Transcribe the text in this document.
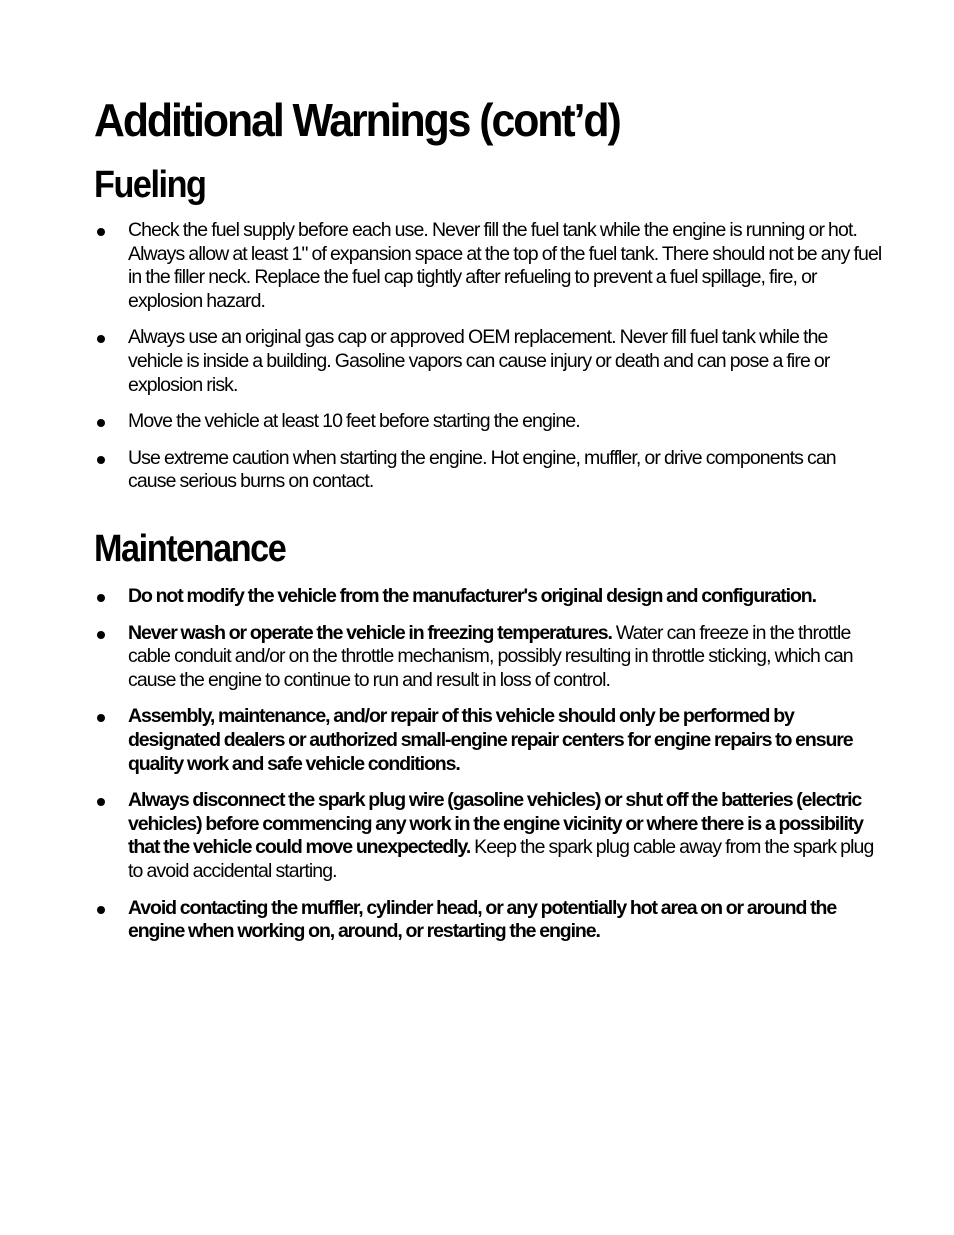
Additional Warnings (cont’d)
Fueling
Check the fuel supply before each use. Never fill the fuel tank while the engine is running or hot. Always allow at least 1" of expansion space at the top of the fuel tank. There should not be any fuel in the filler neck. Replace the fuel cap tightly after refueling to prevent a fuel spillage, fire, or explosion hazard.
Always use an original gas cap or approved OEM replacement. Never fill fuel tank while the vehicle is inside a building. Gasoline vapors can cause injury or death and can pose a fire or explosion risk.
Move the vehicle at least 10 feet before starting the engine.
Use extreme caution when starting the engine. Hot engine, muffler, or drive components can cause serious burns on contact.
Maintenance
Do not modify the vehicle from the manufacturer's original design and configuration.
Never wash or operate the vehicle in freezing temperatures. Water can freeze in the throttle cable conduit and/or on the throttle mechanism, possibly resulting in throttle sticking, which can cause the engine to continue to run and result in loss of control.
Assembly, maintenance, and/or repair of this vehicle should only be performed by designated dealers or authorized small-engine repair centers for engine repairs to ensure quality work and safe vehicle conditions.
Always disconnect the spark plug wire (gasoline vehicles) or shut off the batteries (electric vehicles) before commencing any work in the engine vicinity or where there is a possibility that the vehicle could move unexpectedly. Keep the spark plug cable away from the spark plug to avoid accidental starting.
Avoid contacting the muffler, cylinder head, or any potentially hot area on or around the engine when working on, around, or restarting the engine.
